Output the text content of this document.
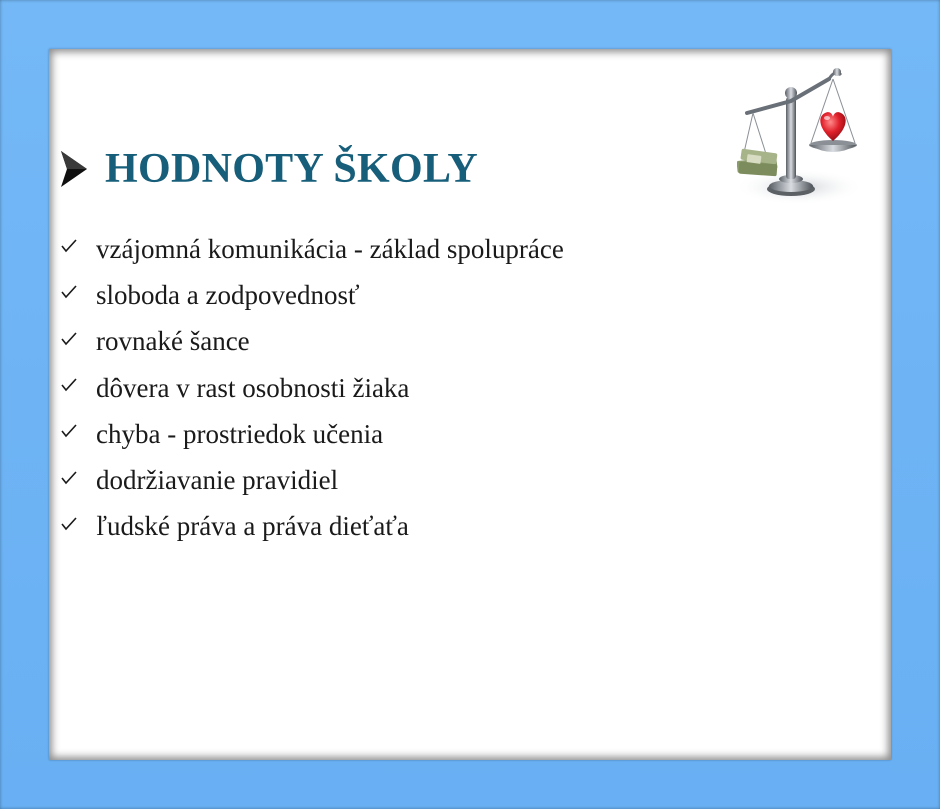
HODNOTY ŠKOLY
vzájomná komunikácia - základ spolupráce
sloboda a zodpovednosť
rovnaké šance
dôvera v rast osobnosti žiaka
chyba - prostriedok učenia
dodržiavanie pravidiel
ľudské práva a práva dieťaťa
